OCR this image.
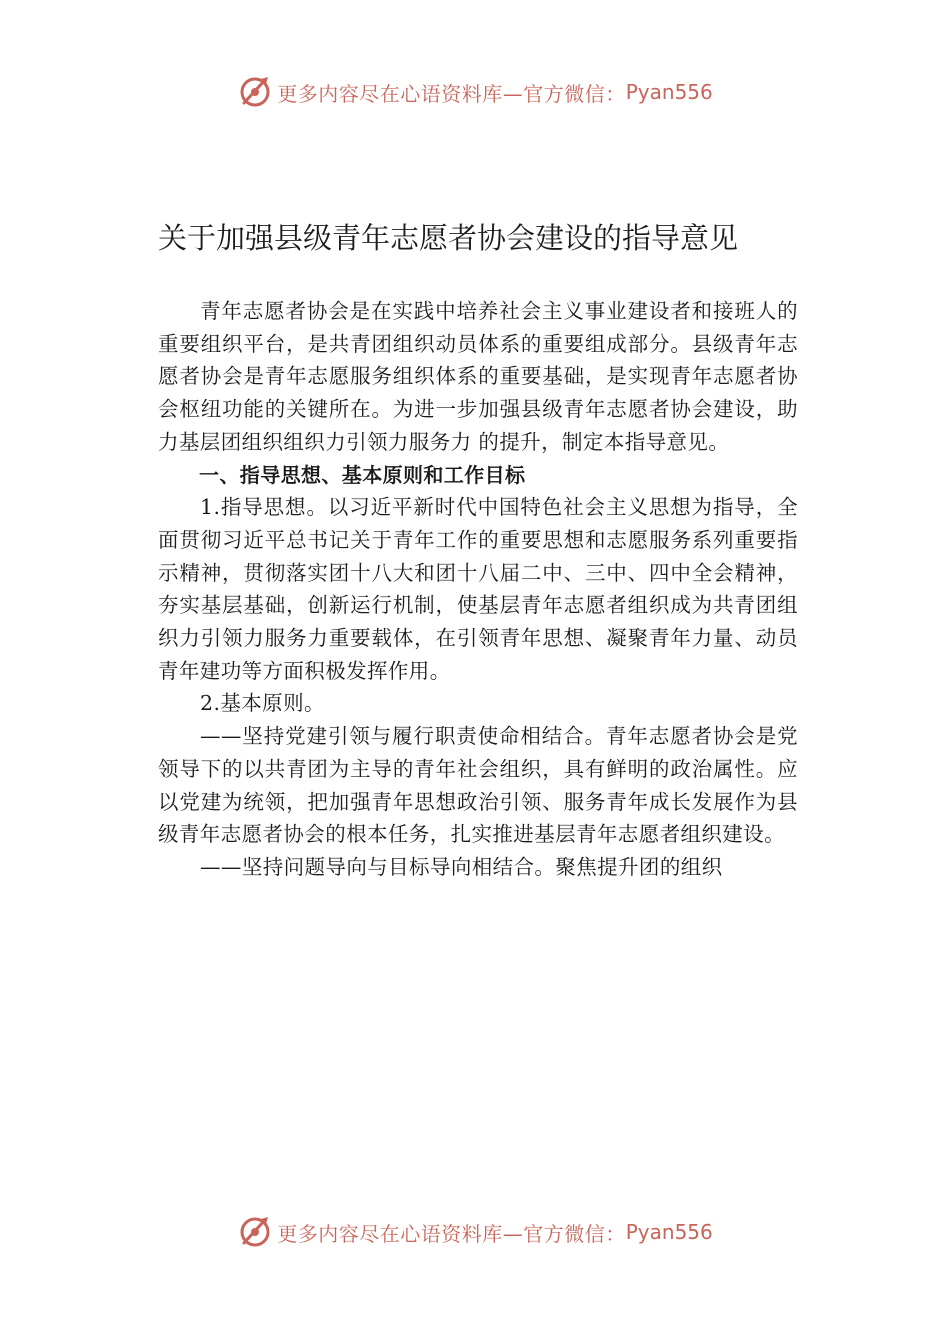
更多内容尽在心语资料库—官方微信： Pyan556
关于加强县级青年志愿者协会建设的指导意见

青年志愿者协会是在实践中培养社会主义事业建设者和接班人的重要组织平台，是共青团组织动员体系的重要组成部分。县级青年志愿者协会是青年志愿服务组织体系的重要基础，是实现青年志愿者协会枢纽功能的关键所在。为进一步加强县级青年志愿者协会建设，助力基层团组织组织力引领力服务力 的提升，制定本指导意见。

一、指导思想、基本原则和工作目标

1.指导思想。以习近平新时代中国特色社会主义思想为指导，全面贯彻习近平总书记关于青年工作的重要思想和志愿服务系列重要指示精神，贯彻落实团十八大和团十八届二中、三中、四中全会精神，夯实基层基础，创新运行机制，使基层青年志愿者组织成为共青团组织力引领力服务力重要载体，在引领青年思想、凝聚青年力量、动员青年建功等方面积极发挥作用。

2.基本原则。

——坚持党建引领与履行职责使命相结合。青年志愿者协会是党领导下的以共青团为主导的青年社会组织，具有鲜明的政治属性。应以党建为统领，把加强青年思想政治引领、服务青年成长发展作为县级青年志愿者协会的根本任务，扎实推进基层青年志愿者组织建设。

——坚持问题导向与目标导向相结合。聚焦提升团的组织

更多内容尽在心语资料库—官方微信： Pyan556
